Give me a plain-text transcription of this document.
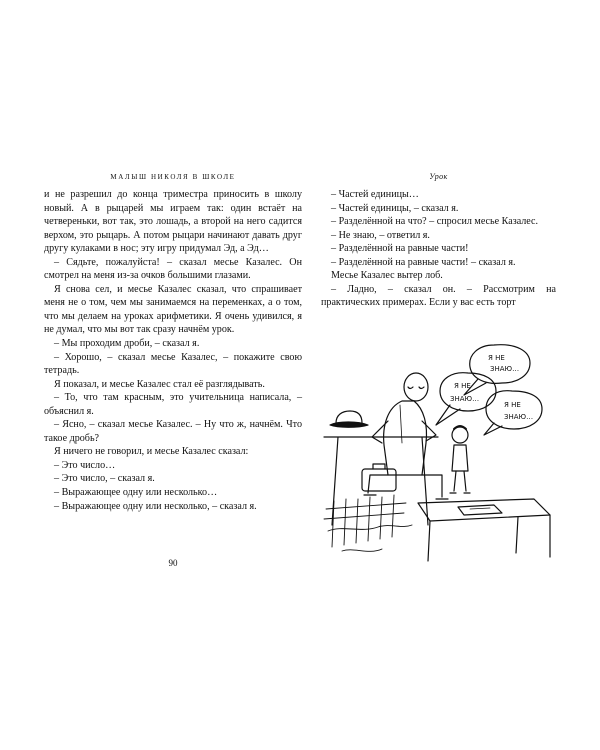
МАЛЫШ НИКОЛЯ В ШКОЛЕ

и не разрешил до конца триместра приносить в школу новый. А в рыцарей мы играем так: один встаёт на четвереньки, вот так, это лошадь, а второй на него садится верхом, это рыцарь. А потом рыцари начинают давать друг другу кулаками в нос; эту игру придумал Эд, а Эд…

– Сядьте, пожалуйста! – сказал месье Казалес. Он смотрел на меня из-за очков большими глазами.

Я снова сел, и месье Казалес сказал, что спрашивает меня не о том, чем мы занимаемся на переменках, а о том, что мы делаем на уроках арифметики. Я очень удивился, я не думал, что мы вот так сразу начнём урок.

– Мы проходим дроби, – сказал я.

– Хорошо, – сказал месье Казалес, – покажите свою тетрадь.

Я показал, и месье Казалес стал её разглядывать.

– То, что там красным, это учительница написала, – объяснил я.

– Ясно, – сказал месье Казалес. – Ну что ж, начнём. Что такое дробь?

Я ничего не говорил, и месье Казалес сказал:

– Это число…

– Это число, – сказал я.

– Выражающее одну или несколько…

– Выражающее одну или несколько, – сказал я.

90
Урок

– Частей единицы…

– Частей единицы, – сказал я.

– Разделённой на что? – спросил месье Казалес.

– Не знаю, – ответил я.

– Разделённой на равные части!

– Разделённой на равные части! – сказал я.

Месье Казалес вытер лоб.

– Ладно, – сказал он. – Рассмотрим на практических примерах. Если у вас есть торт

Я НЕ
ЗНАЮ…
Я НЕ
ЗНАЮ…
Я НЕ
ЗНАЮ…
